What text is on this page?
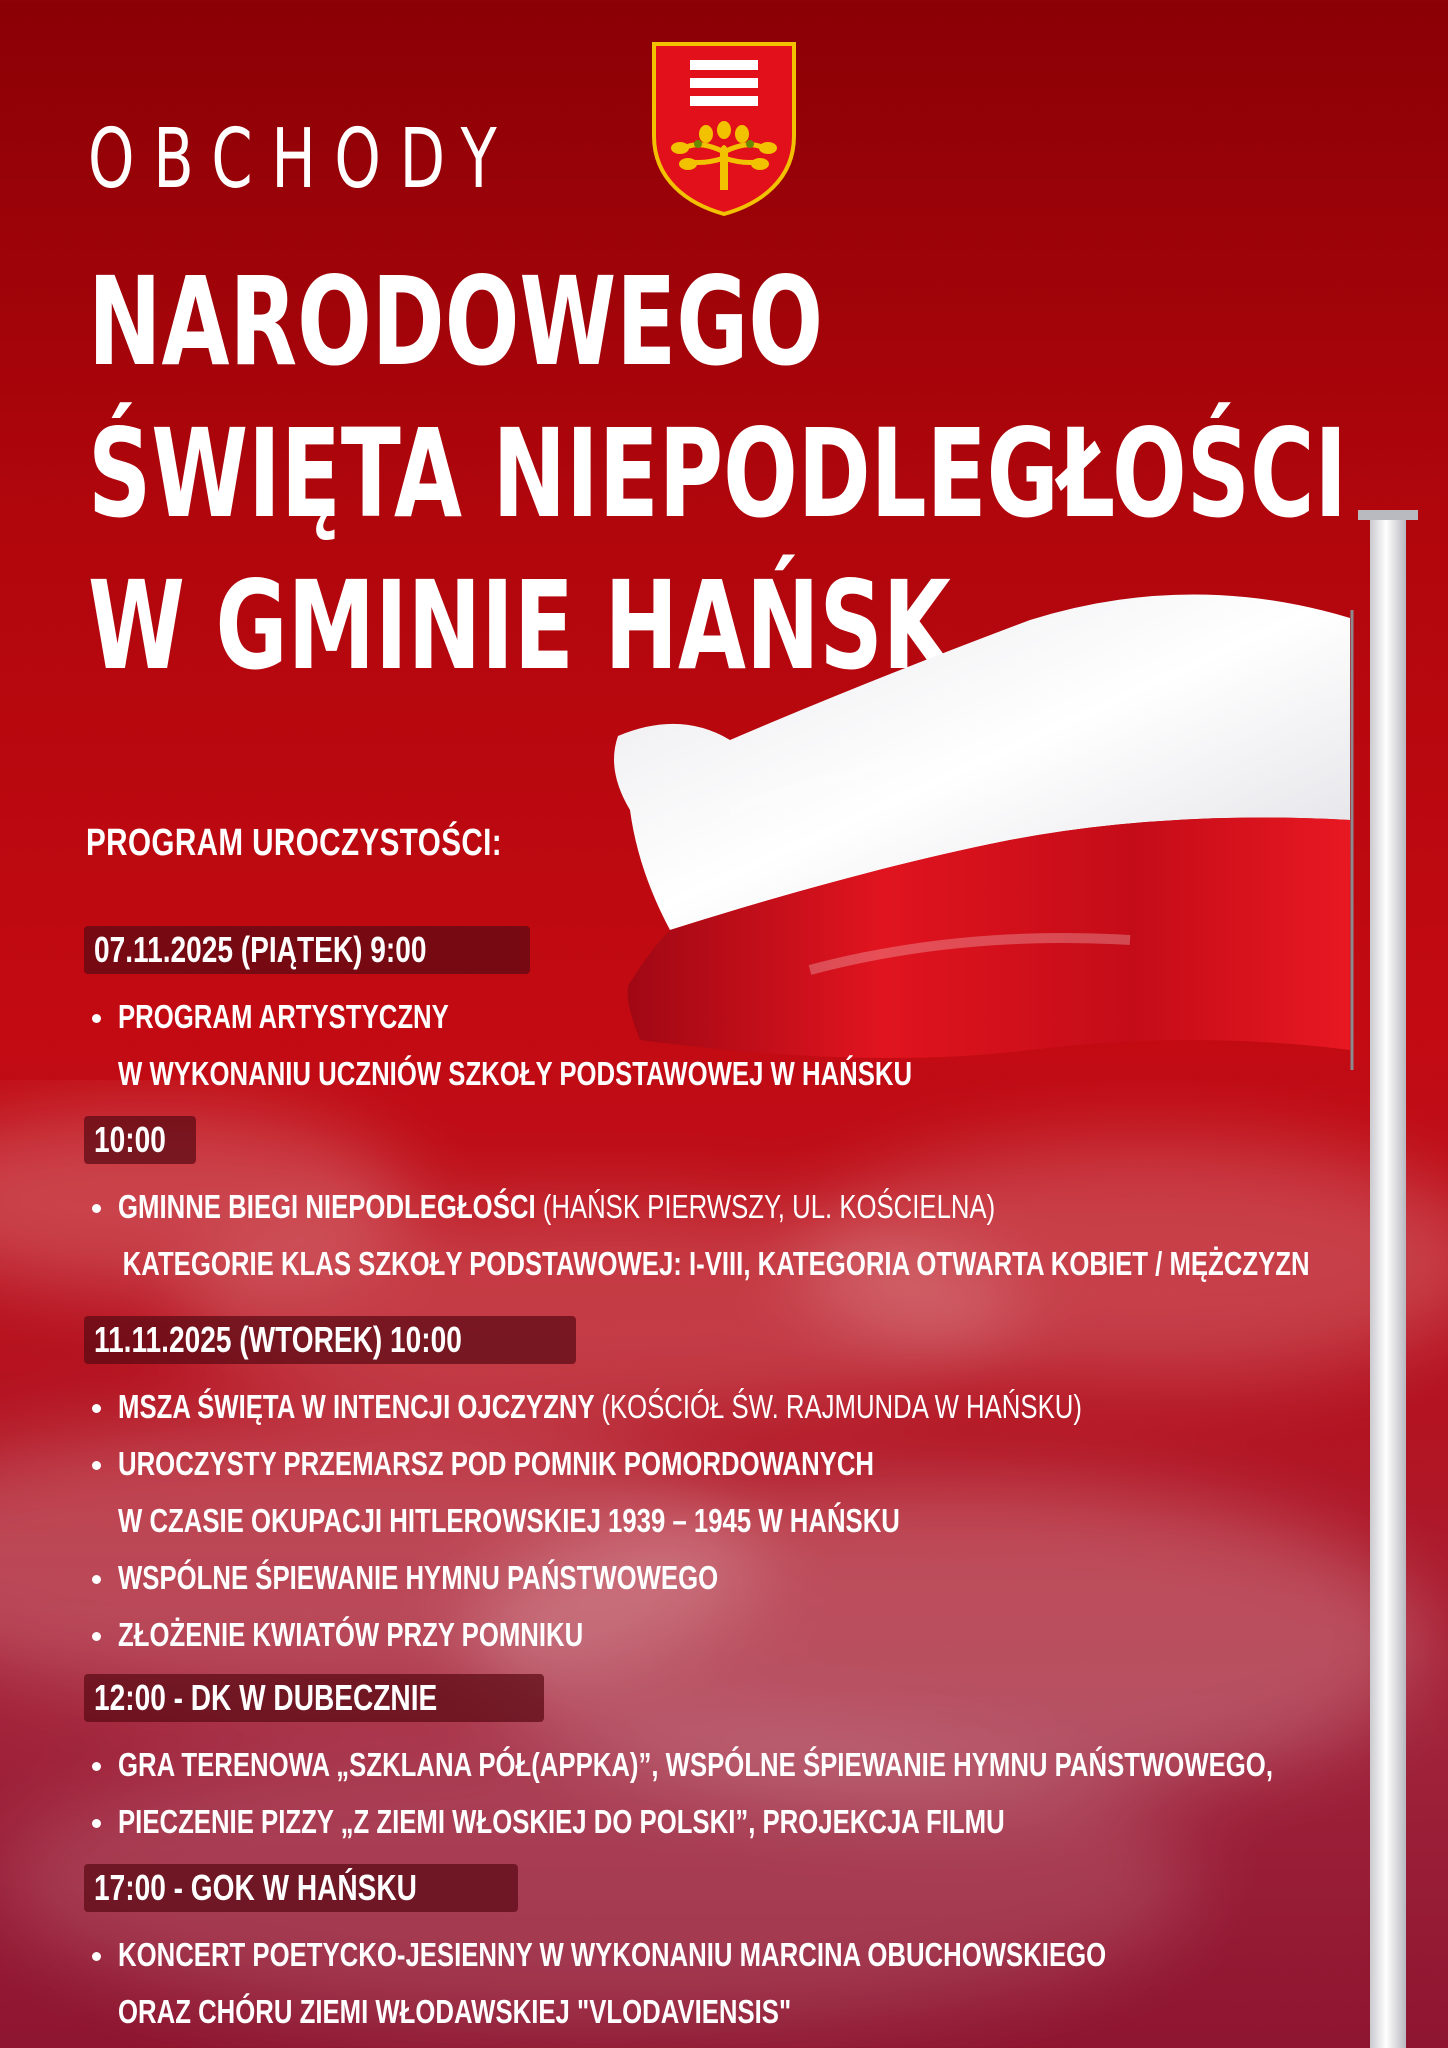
OBCHODY
NARODOWEGO
ŚWIĘTA NIEPODLEGŁOŚCI
W GMINIE HAŃSK
PROGRAM UROCZYSTOŚCI:
07.11.2025 (PIĄTEK) 9:00
PROGRAM ARTYSTYCZNY
W WYKONANIU UCZNIÓW SZKOŁY PODSTAWOWEJ W HAŃSKU
10:00
GMINNE BIEGI NIEPODLEGŁOŚCI (HAŃSK PIERWSZY, UL. KOŚCIELNA)
KATEGORIE KLAS SZKOŁY PODSTAWOWEJ: I-VIII, KATEGORIA OTWARTA KOBIET / MĘŻCZYZN
11.11.2025 (WTOREK) 10:00
MSZA ŚWIĘTA W INTENCJI OJCZYZNY (KOŚCIÓŁ ŚW. RAJMUNDA W HAŃSKU)
UROCZYSTY PRZEMARSZ POD POMNIK POMORDOWANYCH
W CZASIE OKUPACJI HITLEROWSKIEJ 1939 – 1945 W HAŃSKU
WSPÓLNE ŚPIEWANIE HYMNU PAŃSTWOWEGO
ZŁOŻENIE KWIATÓW PRZY POMNIKU
12:00 - DK W DUBECZNIE
GRA TERENOWA „SZKLANA PÓŁ(APPKA)”, WSPÓLNE ŚPIEWANIE HYMNU PAŃSTWOWEGO,
PIECZENIE PIZZY „Z ZIEMI WŁOSKIEJ DO POLSKI”, PROJEKCJA FILMU
17:00 - GOK W HAŃSKU
KONCERT POETYCKO-JESIENNY W WYKONANIU MARCINA OBUCHOWSKIEGO
ORAZ CHÓRU ZIEMI WŁODAWSKIEJ "VLODAVIENSIS"
